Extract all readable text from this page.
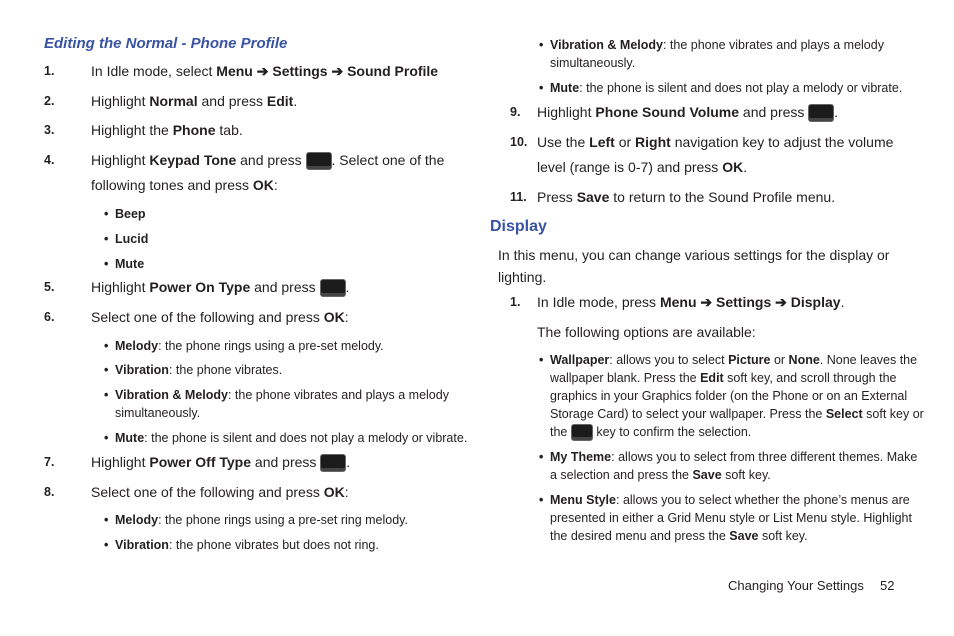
Editing the Normal - Phone Profile
1.	In Idle mode, select Menu ➔ Settings ➔ Sound Profile
2.	Highlight Normal and press Edit.
3.	Highlight the Phone tab.
4.	Highlight Keypad Tone and press . Select one of the
following tones and press OK:
• Beep
• Lucid
• Mute
5.	Highlight Power On Type and press .
6.	Select one of the following and press OK:
• Melody: the phone rings using a pre-set melody.
• Vibration: the phone vibrates.
• Vibration & Melody: the phone vibrates and plays a melody
simultaneously.
• Mute: the phone is silent and does not play a melody or vibrate.
7.	Highlight Power Off Type and press .
8.	Select one of the following and press OK:
• Melody: the phone rings using a pre-set ring melody.
• Vibration: the phone vibrates but does not ring.
• Vibration & Melody: the phone vibrates and plays a melody
simultaneously.
• Mute: the phone is silent and does not play a melody or vibrate.
9. Highlight Phone Sound Volume and press .
10. Use the Left or Right navigation key to adjust the volume
level (range is 0-7) and press OK.
11. Press Save to return to the Sound Profile menu.
Display
In this menu, you can change various settings for the display or
lighting.
1. In Idle mode, press Menu ➔ Settings ➔ Display.
The following options are available:
• Wallpaper: allows you to select Picture or None. None leaves the
wallpaper blank. Press the Edit soft key, and scroll through the
graphics in your Graphics folder (on the Phone or on an External
Storage Card) to select your wallpaper. Press the Select soft key or
the  key to confirm the selection.
• My Theme: allows you to select from three different themes. Make
a selection and press the Save soft key.
• Menu Style: allows you to select whether the phone’s menus are
presented in either a Grid Menu style or List Menu style. Highlight
the desired menu and press the Save soft key.
Changing Your Settings 52
